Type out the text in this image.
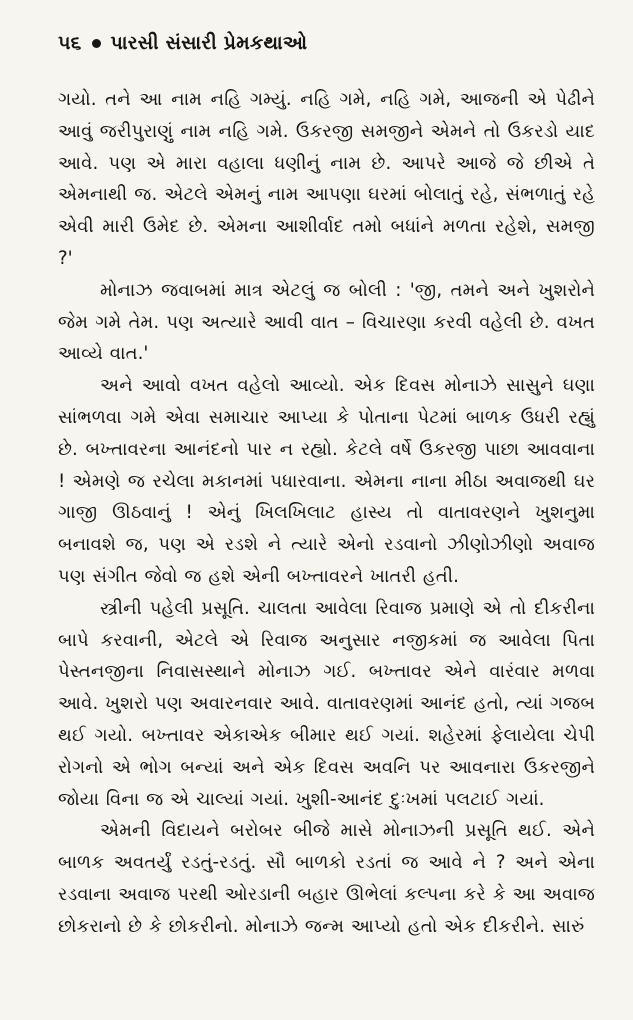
૫૬ પારસી સંસારી પ્રેમકથાઓ

ગયો. તને આ નામ નહિ ગમ્યું. નહિ ગમે, નહિ ગમે, આજની એ પેઢીને આવું જરીપુરાણું નામ નહિ ગમે. ઉકરજી સમજીને એમને તો ઉકરડો યાદ આવે. પણ એ મારા વહાલા ધણીનું નામ છે. આપરે આજે જે છીએ તે એમનાથી જ. એટલે એમનું નામ આપણા ઘરમાં બોલાતું રહે, સંભળાતું રહે એવી મારી ઉમેદ છે. એમના આશીર્વાદ તમો બધાંને મળતા રહેશે, સમજી ?'

મોનાઝ જવાબમાં માત્ર એટલું જ બોલી : 'જી, તમને અને ખુશરોને જેમ ગમે તેમ. પણ અત્યારે આવી વાત – વિચારણા કરવી વહેલી છે. વખત આવ્યે વાત.'

અને આવો વખત વહેલો આવ્યો. એક દિવસ મોનાઝે સાસુને ઘણા સાંભળવા ગમે એવા સમાચાર આપ્યા કે પોતાના પેટમાં બાળક ઉધરી રહ્યું છે. બખ્તાવરના આનંદનો પાર ન રહ્યો. કેટલે વર્ષે ઉકરજી પાછા આવવાના ! એમણે જ રચેલા મકાનમાં પધારવાના. એમના નાના મીઠા અવાજથી ઘર ગાજી ઊઠવાનું ! એનું ખિલખિલાટ હાસ્ય તો વાતાવરણને ખુશનુમા બનાવશે જ, પણ એ રડશે ને ત્યારે એનો રડવાનો ઝીણોઝીણો અવાજ પણ સંગીત જેવો જ હશે એની બખ્તાવરને ખાતરી હતી.

સ્ત્રીની પહેલી પ્રસૂતિ. ચાલતા આવેલા રિવાજ પ્રમાણે એ તો દીકરીના બાપે કરવાની, એટલે એ રિવાજ અનુસાર નજીકમાં જ આવેલા પિતા પેસ્તનજીના નિવાસસ્થાને મોનાઝ ગઈ. બખ્તાવર એને વારંવાર મળવા આવે. ખુશરો પણ અવારનવાર આવે. વાતાવરણમાં આનંદ હતો, ત્યાં ગજબ થઈ ગયો. બખ્તાવર એકાએક બીમાર થઈ ગયાં. શહેરમાં ફેલાયેલા ચેપી રોગનો એ ભોગ બન્યાં અને એક દિવસ અવનિ પર આવનારા ઉકરજીને જોયા વિના જ એ ચાલ્યાં ગયાં. ખુશી-આનંદ દુઃખમાં પલટાઈ ગયાં.

એમની વિદાયને બરોબર બીજે માસે મોનાઝની પ્રસૂતિ થઈ. એને બાળક અવતર્યું રડતું-રડતું. સૌ બાળકો રડતાં જ આવે ને ? અને એના રડવાના અવાજ પરથી ઓરડાની બહાર ઊભેલાં કલ્પના કરે કે આ અવાજ છોકરાનો છે કે છોકરીનો. મોનાઝે જન્મ આપ્યો હતો એક દીકરીને. સારું
